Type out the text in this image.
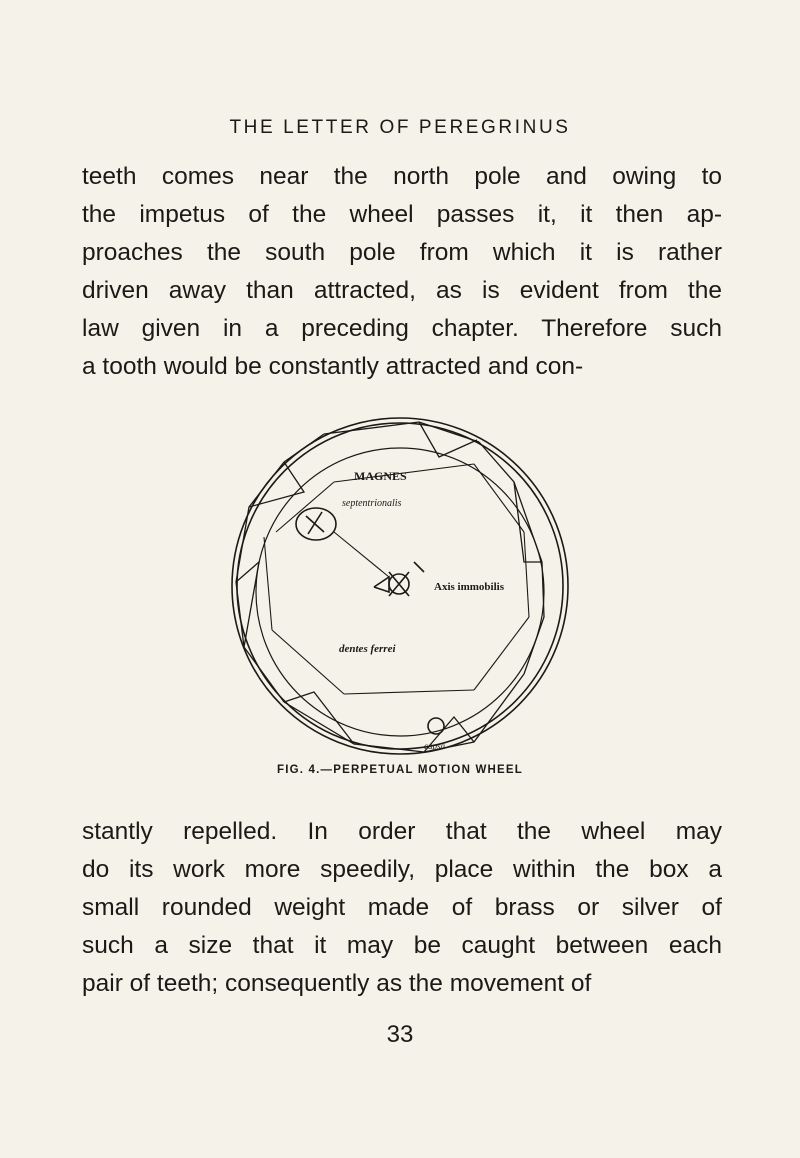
THE LETTER OF PEREGRINUS
teeth comes near the north pole and owing to
the impetus of the wheel passes it, it then ap-
proaches the south pole from which it is rather
driven away than attracted, as is evident from the
law given in a preceding chapter. Therefore such
a tooth would be constantly attracted and con-
MAGNES
septentrionalis
Axis immobilis
dentes ferrei
capsa
FIG. 4.—PERPETUAL MOTION WHEEL
stantly repelled. In order that the wheel may
do its work more speedily, place within the box a
small rounded weight made of brass or silver of
such a size that it may be caught between each
pair of teeth; consequently as the movement of
33
